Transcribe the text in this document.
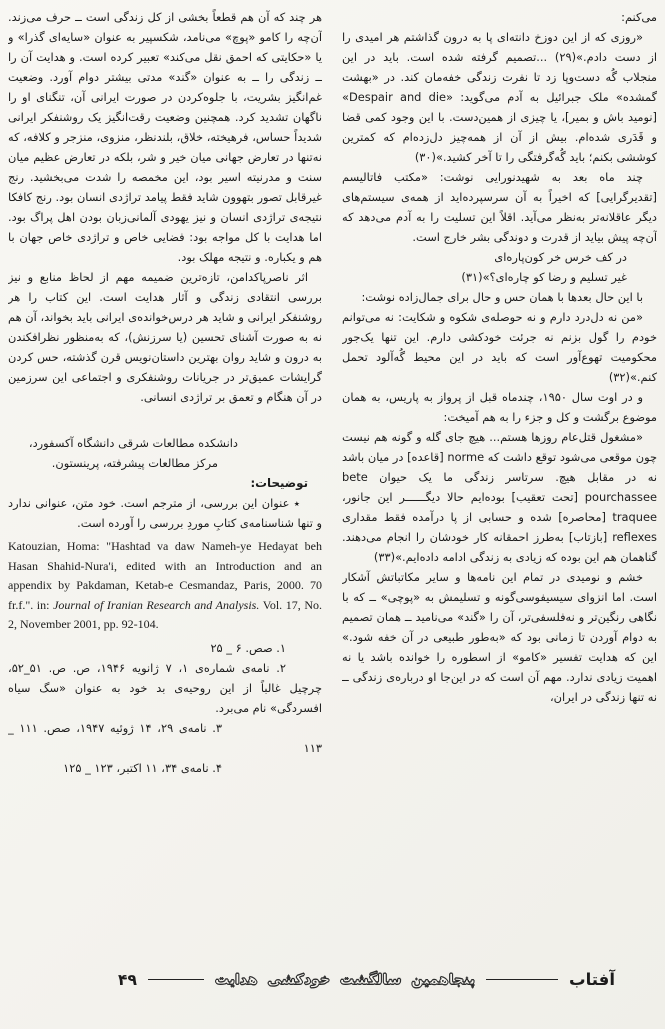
می‌کنم:

«روزی که از این دوزخ دانته‌ای پا به درون گذاشتم هر امیدی را از دست دادم.»(۲۹) ...تصمیم گرفته شده است. باید در این منجلاب گُه دست‌وپا زد تا نفرت زندگی خفه‌مان کند. در «بهشت گمشده» ملک جبرائیل به آدم می‌گوید: «Despair and die» [نومید باش و بمیر]، یا چیزی از همین‌دست. با این وجود کمی قضا و قَدَری شده‌ام. بیش از آن از همه‌چیز دل‌زده‌ام که کمترین کوششی بکنم؛ باید گُه‌گرفتگی را تا آخر کشید.»(۳۰)

چند ماه بعد به شهیدنورایی نوشت: «مکتب فاتالیسم [تقدیرگرایی] که اخیراً به آن سرسپرده‌اید از همه‌ی سیستم‌های دیگر عاقلانه‌تر به‌نظر می‌آید. اقلاً این تسلیت را به آدم می‌دهد که آن‌چه پیش بیاید از قدرت و دوندگی بشر خارج است.

در کف خرس خر کون‌پاره‌ای

غیر تسلیم و رضا کو چاره‌ای؟»(۳۱)

با این حال بعدها با همان حس و حال برای جمال‌زاده نوشت:

«من نه دل‌درد دارم و نه حوصله‌ی شکوه و شکایت: نه می‌توانم خودم را گول بزنم نه جرئت خودکشی دارم. این تنها یک‌جور محکومیت تهوع‌آور است که باید در این محیط گُه‌آلود تحمل کنم.»(۳۲)

و در اوت سال ۱۹۵۰، چندماه قبل از پرواز به پاریس، به همان موضوع برگشت و کل و جزء را به هم آمیخت:

«مشغول قتل‌عام روزها هستم... هیچ جای گله و گونه هم نیست چون موقعی می‌شود توقع داشت که norme [قاعده] در میان باشد نه در مقابل هیچ. سرتاسر زندگی ما یک حیوان bete pourchassee [تحت تعقیب] بوده‌ایم حالا دیگــــــر این جانور، traquee [محاصره] شده و حسابی از پا درآمده فقط مقداری reflexes [بازتاب] به‌طرز احمقانه کار خودشان را انجام می‌دهند. گناهمان هم این بوده که زیادی به زندگی ادامه داده‌ایم.»(۳۳)

خشم و نومیدی در تمام این نامه‌ها و سایر مکاتباتش آشکار است. اما انزوای سیسیفوسی‌گونه و تسلیمش به «پوچی» ــ که با نگاهی رنگین‌تر و نه‌فلسفی‌تر، آن را «گند» می‌نامید ــ همان تصمیم به دوام آوردن تا زمانی بود که «به‌طور طبیعی در آن خفه شود.» این که هدایت تفسیر «کامو» از اسطوره را خوانده باشد یا نه اهمیت زیادی ندارد. مهم آن است که در این‌جا او درباره‌ی زندگی ــ نه تنها زندگی در ایران،

هر چند که آن هم قطعاً بخشی از کل زندگی است ــ حرف می‌زند. آن‌چه را کامو «پوچ» می‌نامد، شکسپیر به عنوان «سایه‌ای گذرا» و یا «حکایتی که احمق نقل می‌کند» تعبیر کرده است. و هدایت آن را ــ زندگی را ــ به عنوان «گند» مدتی بیشتر دوام آورد. وضعیت غم‌انگیز بشریت، با جلوه‌کردن در صورت ایرانی آن، تنگنای او را ناگهان تشدید کرد. همچنین وضعیت رقت‌انگیز یک روشنفکر ایرانی شدیداً حساس، فرهیخته، خلاق، بلندنظر، منزوی، منزجر و کلافه، که نه‌تنها در تعارض جهانی میان خیر و شر، بلکه در تعارض عظیم میان سنت و مدرنیته اسیر بود، این مخمصه را شدت می‌بخشید. رنج غیرقابل تصور بتهوون شاید فقط پیامد تراژدی انسان بود. رنج کافکا نتیجه‌ی تراژدی انسان و نیز یهودی آلمانی‌زبان بودن اهل پراگ بود. اما هدایت با کل مواجه بود: فضایی خاص و تراژدی خاص جهان با هم و یکباره. و نتیجه مهلک بود.

اثر ناصرپاکدامن، تازه‌ترین ضمیمه مهم از لحاظ منابع و نیز بررسی انتقادی زندگی و آثار هدایت است. این کتاب را هر روشنفکر ایرانی و شاید هر درس‌خوانده‌ی ایرانی باید بخواند، آن هم نه به صورت آشنای تحسین (یا سرزنش)، که به‌منظور نظرافکندن به درون و شاید روان بهترین داستان‌نویس قرن گذشته، حس کردن گرایشات عمیق‌تر در جریانات روشنفکری و اجتماعی این سرزمین در آن هنگام و تعمق بر تراژدی انسانی.

دانشکده مطالعات شرقی دانشگاه آکسفورد،

مرکز مطالعات پیشرفته، پرینستون.

توضیحات:

٭ عنوان این بررسی، از مترجم است. خود متن، عنوانی ندارد و تنها شناسنامه‌ی کتابِ موردِ بررسی را آورده است.

Katouzian, Homa: "Hashtad va daw Nameh-ye Hedayat beh Hasan Shahid-Nura'i, edited with an Introduction and an appendix by Pakdaman, Ketab-e Cesmandaz, Paris, 2000. 70 fr.f.". in: Journal of Iranian Research and Analysis. Vol. 17, No. 2, November 2001, pp. 92-104.

۱. صص. ۶ _ ۲۵

۲. نامه‌ی شماره‌ی ۱، ۷ ژانویه ۱۹۴۶، ص. ص. ۵۱_۵۲، چرچیل غالباً از این روحیه‌ی بد خود به عنوان «سگ سیاه افسردگی» نام می‌برد.

۳. نامه‌ی ۲۹، ۱۴ ژوئیه ۱۹۴۷، صص. ۱۱۱ _ ۱۱۳

۴. نامه‌ی ۳۴، ۱۱ اکتبر، ۱۲۳ _ ۱۲۵

آفتاب
پنجاهمین سالگشت خودکشی هدایت
۴۹
